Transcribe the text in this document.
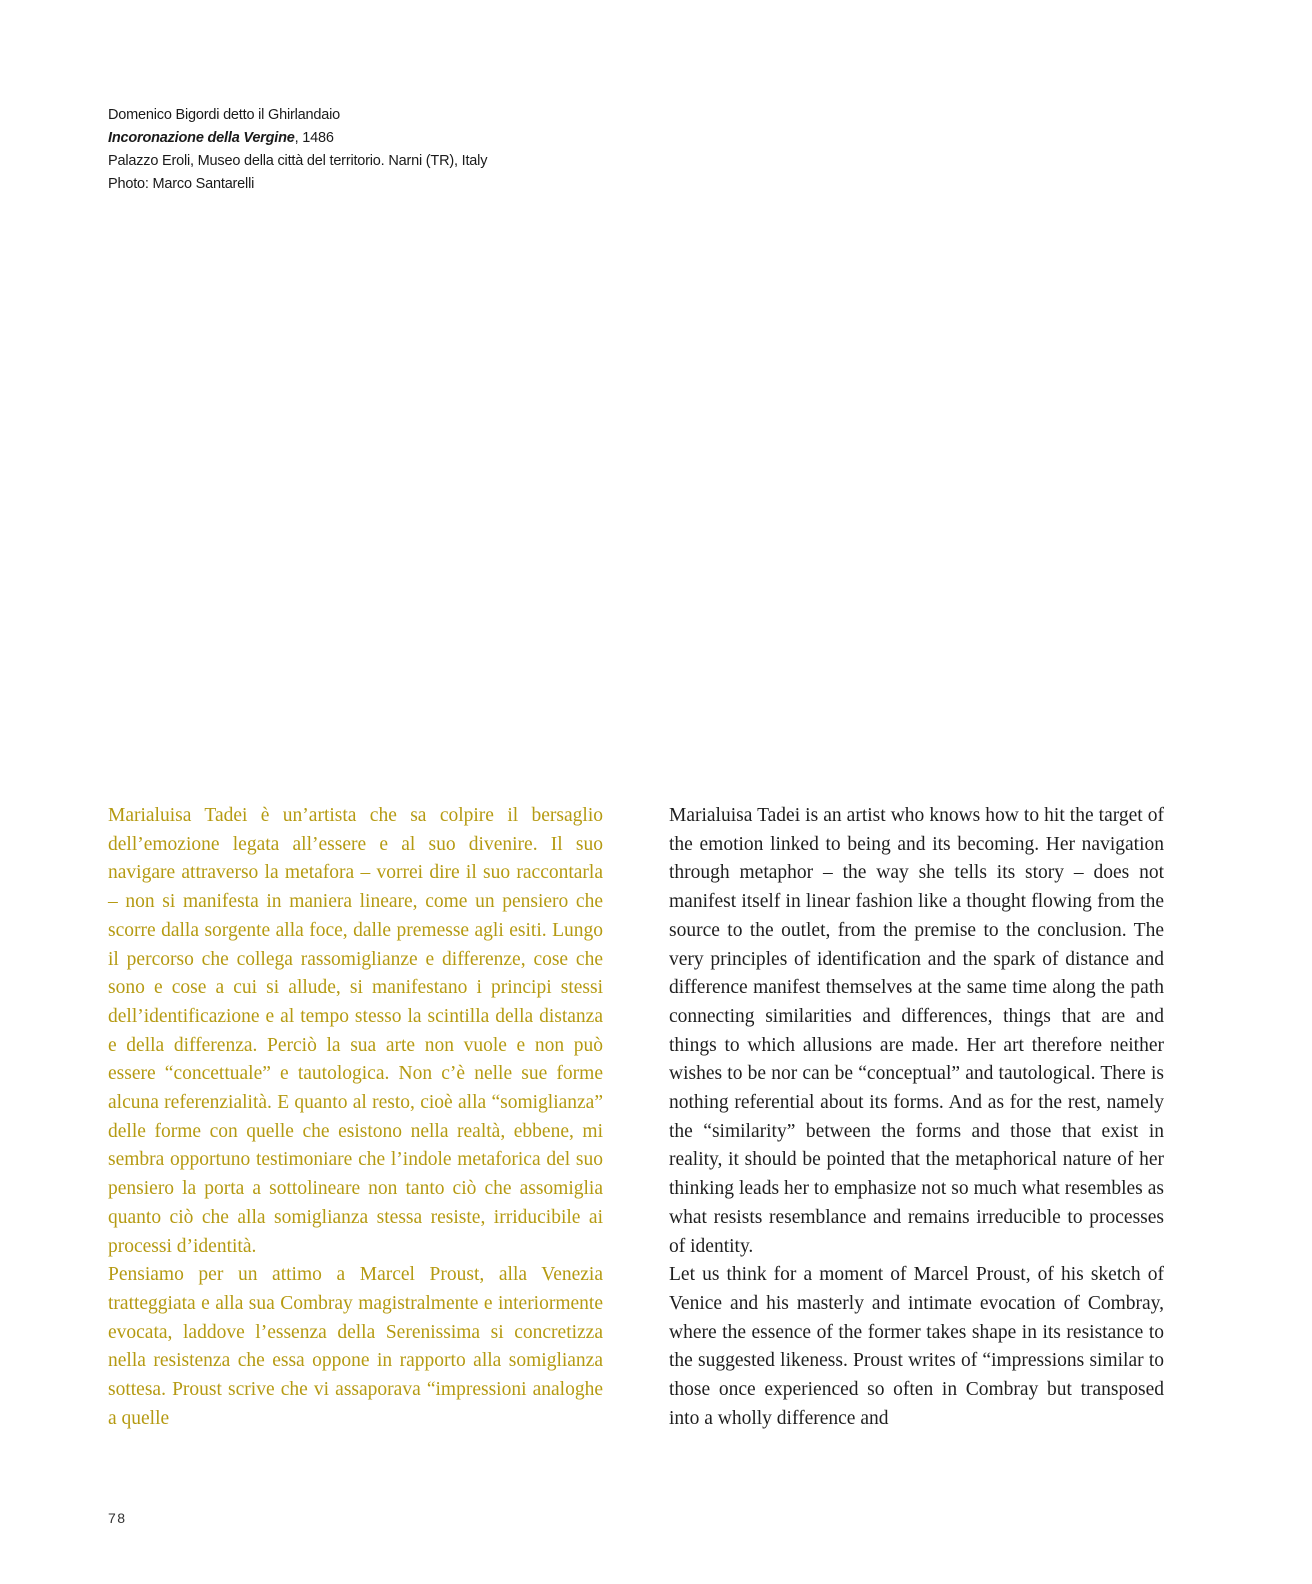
Domenico Bigordi detto il Ghirlandaio
Incoronazione della Vergine, 1486
Palazzo Eroli, Museo della città del territorio. Narni (TR), Italy
Photo: Marco Santarelli

Marialuisa Tadei è un’artista che sa colpire il bersaglio dell’emozione legata all’essere e al suo divenire. Il suo navigare attraverso la metafora – vorrei dire il suo raccontarla – non si manifesta in maniera lineare, come un pensiero che scorre dalla sorgente alla foce, dalle premesse agli esiti. Lungo il percorso che collega rassomiglianze e differenze, cose che sono e cose a cui si allude, si manifestano i principi stessi dell’identificazione e al tempo stesso la scintilla della distanza e della differenza. Perciò la sua arte non vuole e non può essere “concettuale” e tautologica. Non c’è nelle sue forme alcuna referenzialità. E quanto al resto, cioè alla “somiglianza” delle forme con quelle che esistono nella realtà, ebbene, mi sembra opportuno testimoniare che l’indole metaforica del suo pensiero la porta a sottolineare non tanto ciò che assomiglia quanto ciò che alla somiglianza stessa resiste, irriducibile ai processi d’identità.

Pensiamo per un attimo a Marcel Proust, alla Venezia tratteggiata e alla sua Combray magistralmente e interiormente evocata, laddove l’essenza della Serenissima si concretizza nella resistenza che essa oppone in rapporto alla somiglianza sottesa. Proust scrive che vi assaporava “impressioni analoghe a quelle

Marialuisa Tadei is an artist who knows how to hit the target of the emotion linked to being and its becoming. Her navigation through metaphor – the way she tells its story – does not manifest itself in linear fashion like a thought flowing from the source to the outlet, from the premise to the conclusion. The very principles of identification and the spark of distance and difference manifest themselves at the same time along the path connecting similarities and differences, things that are and things to which allusions are made. Her art therefore neither wishes to be nor can be “conceptual” and tautological. There is nothing referential about its forms. And as for the rest, namely the “similarity” between the forms and those that exist in reality, it should be pointed that the metaphorical nature of her thinking leads her to emphasize not so much what resembles as what resists resemblance and remains irreducible to processes of identity.

Let us think for a moment of Marcel Proust, of his sketch of Venice and his masterly and intimate evocation of Combray, where the essence of the former takes shape in its resistance to the suggested likeness. Proust writes of “impressions similar to those once experienced so often in Combray but transposed into a wholly difference and

78
